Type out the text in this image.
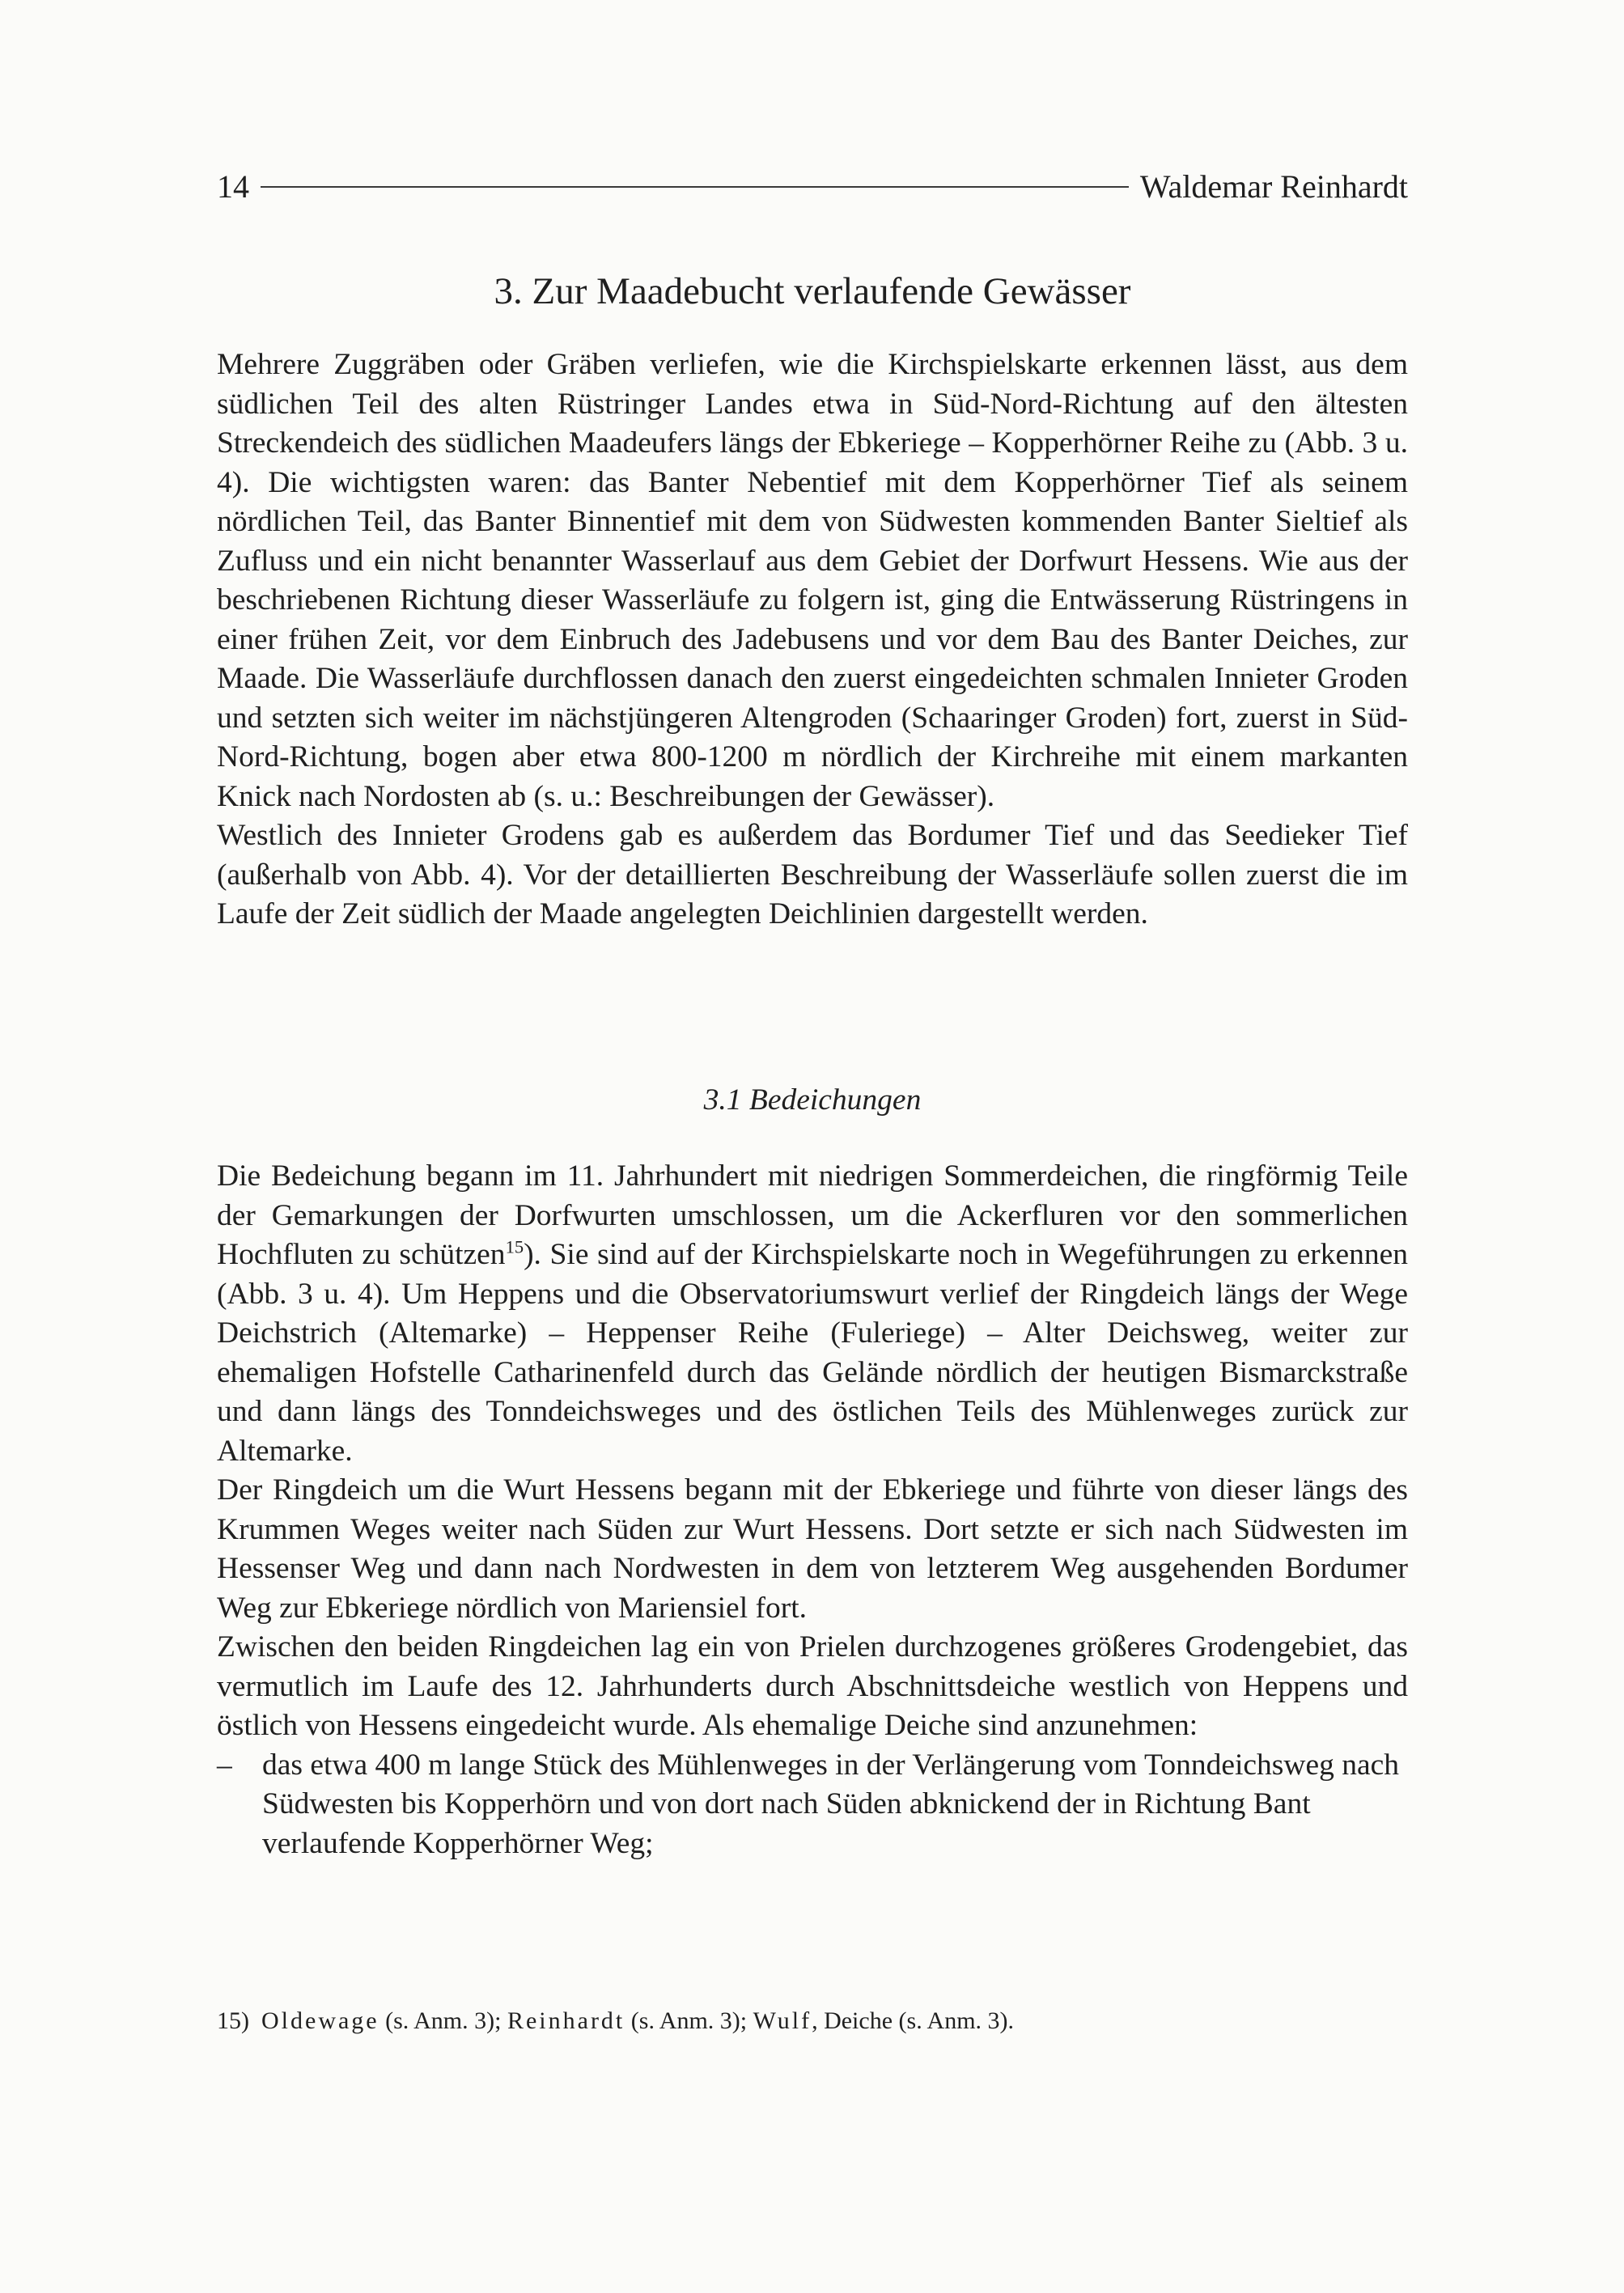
14	Waldemar Reinhardt
3. Zur Maadebucht verlaufende Gewässer

Mehrere Zuggräben oder Gräben verliefen, wie die Kirchspielskarte erkennen lässt, aus dem südlichen Teil des alten Rüstringer Landes etwa in Süd-Nord-Richtung auf den ältesten Streckendeich des südlichen Maadeufers längs der Ebkeriege – Kopperhörner Reihe zu (Abb. 3 u. 4). Die wichtigsten waren: das Banter Nebentief mit dem Kopperhörner Tief als seinem nördlichen Teil, das Banter Binnentief mit dem von Südwesten kommenden Banter Sieltief als Zufluss und ein nicht benannter Wasserlauf aus dem Gebiet der Dorfwurt Hessens. Wie aus der beschriebenen Richtung dieser Wasserläufe zu folgern ist, ging die Entwässerung Rüstringens in einer frühen Zeit, vor dem Einbruch des Jadebusens und vor dem Bau des Banter Deiches, zur Maade. Die Wasserläufe durchflossen danach den zuerst eingedeichten schmalen Innieter Groden und setzten sich weiter im nächstjüngeren Altengroden (Schaaringer Groden) fort, zuerst in Süd-Nord-Richtung, bogen aber etwa 800-1200 m nördlich der Kirchreihe mit einem markanten Knick nach Nordosten ab (s. u.: Beschreibungen der Gewässer).

Westlich des Innieter Grodens gab es außerdem das Bordumer Tief und das Seedieker Tief (außerhalb von Abb. 4). Vor der detaillierten Beschreibung der Wasserläufe sollen zuerst die im Laufe der Zeit südlich der Maade angelegten Deichlinien dargestellt werden.

3.1 Bedeichungen

Die Bedeichung begann im 11. Jahrhundert mit niedrigen Sommerdeichen, die ringförmig Teile der Gemarkungen der Dorfwurten umschlossen, um die Ackerfluren vor den sommerlichen Hochfluten zu schützen$^{15}$). Sie sind auf der Kirchspielskarte noch in Wegeführungen zu erkennen (Abb. 3 u. 4). Um Heppens und die Observatoriumswurt verlief der Ringdeich längs der Wege Deichstrich (Altemarke) – Heppenser Reihe (Fuleriege) – Alter Deichsweg, weiter zur ehemaligen Hofstelle Catharinenfeld durch das Gelände nördlich der heutigen Bismarckstraße und dann längs des Tonndeichsweges und des östlichen Teils des Mühlenweges zurück zur Altemarke.

Der Ringdeich um die Wurt Hessens begann mit der Ebkeriege und führte von dieser längs des Krummen Weges weiter nach Süden zur Wurt Hessens. Dort setzte er sich nach Südwesten im Hessenser Weg und dann nach Nordwesten in dem von letzterem Weg ausgehenden Bordumer Weg zur Ebkeriege nördlich von Mariensiel fort.

Zwischen den beiden Ringdeichen lag ein von Prielen durchzogenes größeres Grodengebiet, das vermutlich im Laufe des 12. Jahrhunderts durch Abschnittsdeiche westlich von Heppens und östlich von Hessens eingedeicht wurde. Als ehemalige Deiche sind anzunehmen:

– das etwa 400 m lange Stück des Mühlenweges in der Verlängerung vom Tonndeichsweg nach Südwesten bis Kopperhörn und von dort nach Süden abknickend der in Richtung Bant verlaufende Kopperhörner Weg;
15) Oldewage (s. Anm. 3); Reinhardt (s. Anm. 3); Wulf, Deiche (s. Anm. 3).
